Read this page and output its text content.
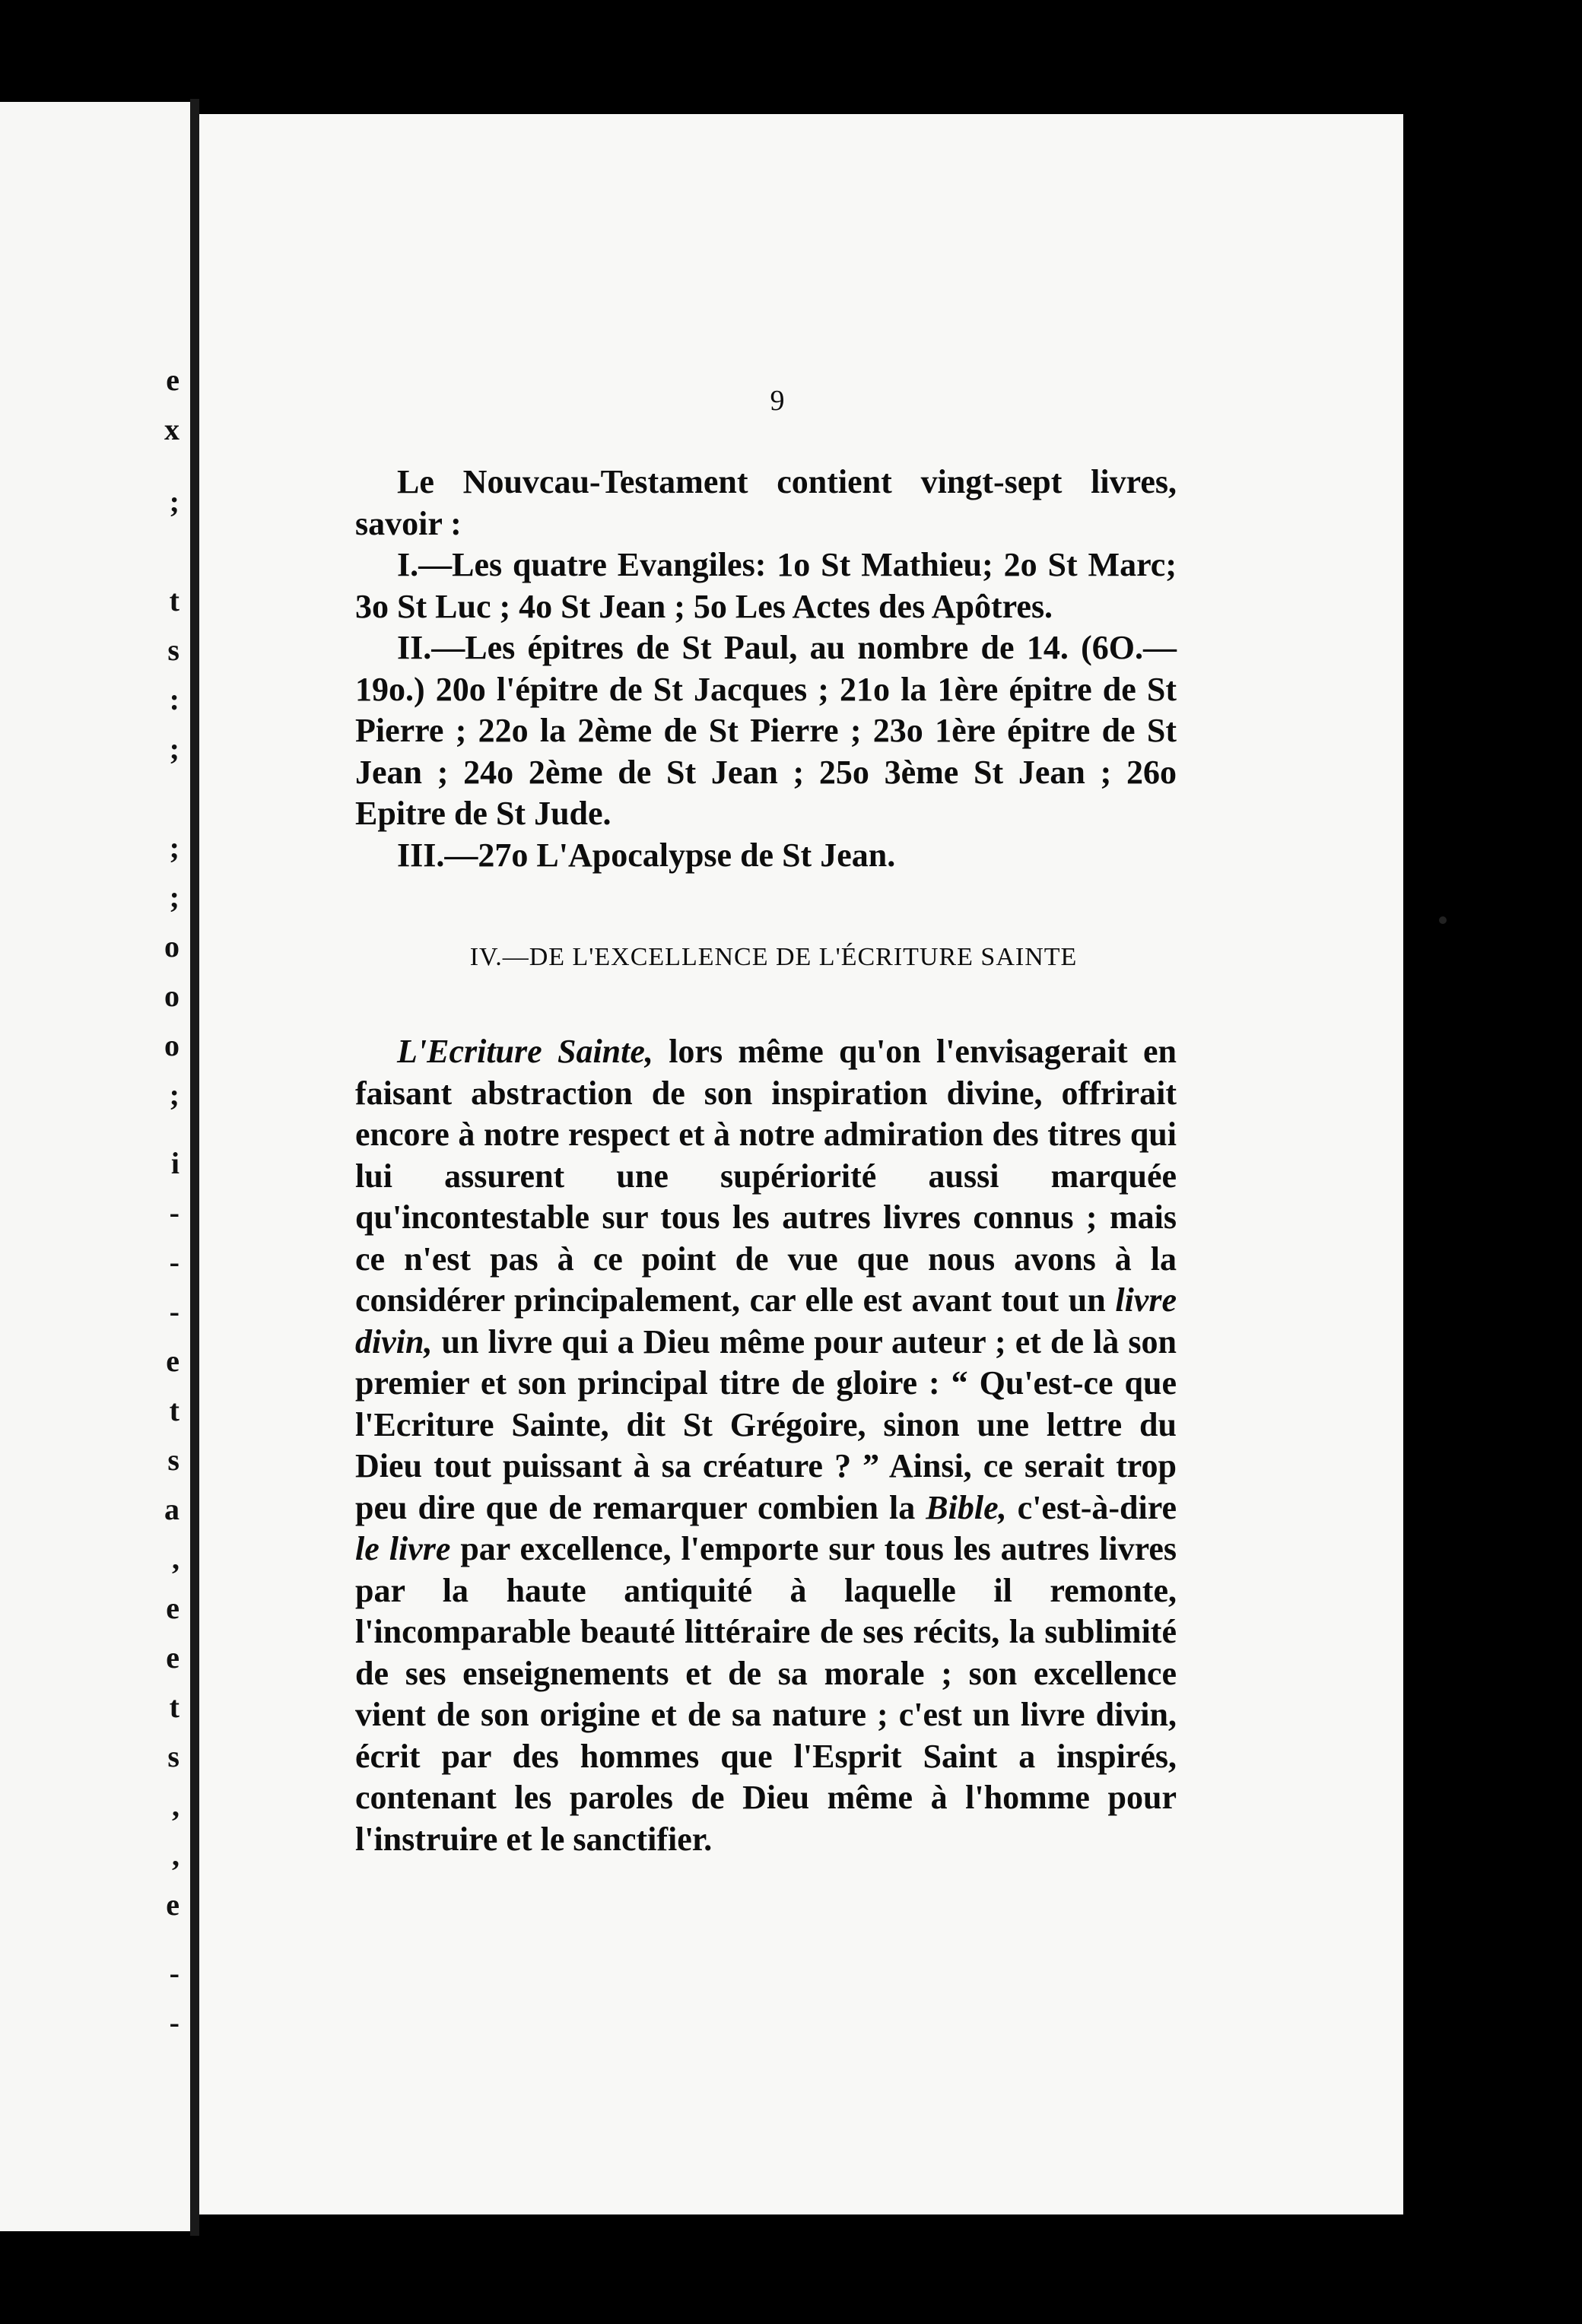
e
x
;
t
s
:
;
;
;
o
o
o
;
i
-
-
-
e
t
s
a
,
e
e
t
s
,
,
e
-
-
9

Le Nouvcau-Testament contient vingt-sept livres, savoir :

I.—Les quatre Evangiles: 1o St Mathieu; 2o St Marc; 3o St Luc ; 4o St Jean ; 5o Les Actes des Apôtres.

II.—Les épitres de St Paul, au nombre de 14. (6O.—19o.) 20o l'épitre de St Jacques ; 21o la 1ère épitre de St Pierre ; 22o la 2ème de St Pierre ; 23o 1ère épitre de St Jean ; 24o 2ème de St Jean ; 25o 3ème St Jean ; 26o Epitre de St Jude.

III.—27o L'Apocalypse de St Jean.

IV.—DE L'EXCELLENCE DE L'ÉCRITURE SAINTE

L'Ecriture Sainte, lors même qu'on l'envisagerait en faisant abstraction de son inspiration divine, offrirait encore à notre respect et à notre admiration des titres qui lui assurent une supériorité aussi marquée qu'incontestable sur tous les autres livres connus ; mais ce n'est pas à ce point de vue que nous avons à la considérer principalement, car elle est avant tout un livre divin, un livre qui a Dieu même pour auteur ; et de là son premier et son principal titre de gloire : “ Qu'est-ce que l'Ecriture Sainte, dit St Grégoire, sinon une lettre du Dieu tout puissant à sa créature ? ” Ainsi, ce serait trop peu dire que de remarquer combien la Bible, c'est-à-dire le livre par excellence, l'emporte sur tous les autres livres par la haute antiquité à laquelle il remonte, l'incomparable beauté littéraire de ses récits, la sublimité de ses enseignements et de sa morale ; son excellence vient de son origine et de sa nature ; c'est un livre divin, écrit par des hommes que l'Esprit Saint a inspirés, contenant les paroles de Dieu même à l'homme pour l'instruire et le sanctifier.
